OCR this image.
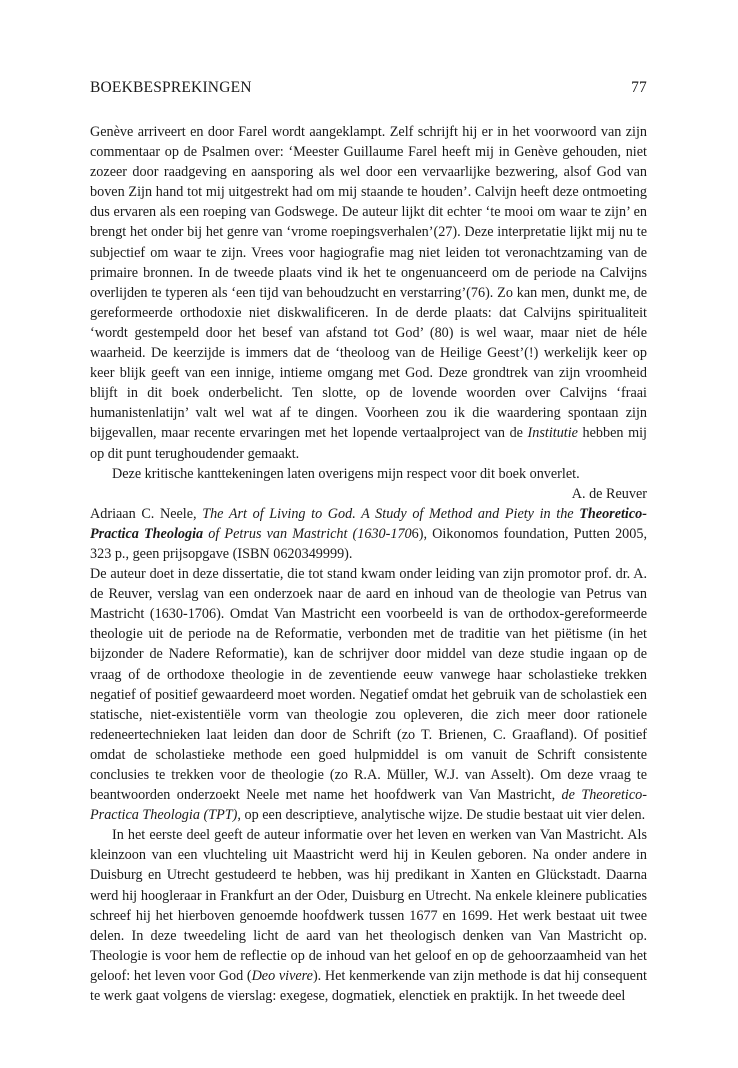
BOEKBESPREKINGEN	77

Genève arriveert en door Farel wordt aangeklampt. Zelf schrijft hij er in het voorwoord van zijn commentaar op de Psalmen over: ‘Meester Guillaume Farel heeft mij in Genève gehouden, niet zozeer door raadgeving en aansporing als wel door een vervaarlijke bezwering, alsof God van boven Zijn hand tot mij uitgestrekt had om mij staande te houden’. Calvijn heeft deze ontmoeting dus ervaren als een roeping van Godswege. De auteur lijkt dit echter ‘te mooi om waar te zijn’ en brengt het onder bij het genre van ‘vrome roepingsverhalen’(27). Deze interpretatie lijkt mij nu te subjectief om waar te zijn. Vrees voor hagiografie mag niet leiden tot veronachtzaming van de primaire bronnen. In de tweede plaats vind ik het te ongenuanceerd om de periode na Calvijns overlijden te typeren als ‘een tijd van behoudzucht en verstarring’(76). Zo kan men, dunkt me, de gereformeerde orthodoxie niet diskwalificeren. In de derde plaats: dat Calvijns spiritualiteit ‘wordt gestempeld door het besef van afstand tot God’ (80) is wel waar, maar niet de héle waarheid. De keerzijde is immers dat de ‘theoloog van de Heilige Geest’(!) werkelijk keer op keer blijk geeft van een innige, intieme omgang met God. Deze grondtrek van zijn vroomheid blijft in dit boek onderbelicht. Ten slotte, op de lovende woorden over Calvijns ‘fraai humanistenlatijn’ valt wel wat af te dingen. Voorheen zou ik die waardering spontaan zijn bijgevallen, maar recente ervaringen met het lopende vertaalproject van de Institutie hebben mij op dit punt terughoudender gemaakt.

Deze kritische kanttekeningen laten overigens mijn respect voor dit boek onverlet.

A. de Reuver

Adriaan C. Neele, The Art of Living to God. A Study of Method and Piety in the Theoretico-Practica Theologia of Petrus van Mastricht (1630-1706), Oikonomos foundation, Putten 2005, 323 p., geen prijsopgave (ISBN 0620349999).

De auteur doet in deze dissertatie, die tot stand kwam onder leiding van zijn promotor prof. dr. A. de Reuver, verslag van een onderzoek naar de aard en inhoud van de theologie van Petrus van Mastricht (1630-1706). Omdat Van Mastricht een voorbeeld is van de orthodox-gereformeerde theologie uit de periode na de Reformatie, verbonden met de traditie van het piëtisme (in het bijzonder de Nadere Reformatie), kan de schrijver door middel van deze studie ingaan op de vraag of de orthodoxe theologie in de zeventiende eeuw vanwege haar scholastieke trekken negatief of positief gewaardeerd moet worden. Negatief omdat het gebruik van de scholastiek een statische, niet-existentiële vorm van theologie zou opleveren, die zich meer door rationele redeneertechnieken laat leiden dan door de Schrift (zo T. Brienen, C. Graafland). Of positief omdat de scholastieke methode een goed hulpmiddel is om vanuit de Schrift consistente conclusies te trekken voor de theologie (zo R.A. Müller, W.J. van Asselt). Om deze vraag te beantwoorden onderzoekt Neele met name het hoofdwerk van Van Mastricht, de Theoretico-Practica Theologia (TPT), op een descriptieve, analytische wijze. De studie bestaat uit vier delen.

In het eerste deel geeft de auteur informatie over het leven en werken van Van Mastricht. Als kleinzoon van een vluchteling uit Maastricht werd hij in Keulen geboren. Na onder andere in Duisburg en Utrecht gestudeerd te hebben, was hij predikant in Xanten en Glückstadt. Daarna werd hij hoogleraar in Frankfurt an der Oder, Duisburg en Utrecht. Na enkele kleinere publicaties schreef hij het hierboven genoemde hoofdwerk tussen 1677 en 1699. Het werk bestaat uit twee delen. In deze tweedeling licht de aard van het theologisch denken van Van Mastricht op. Theologie is voor hem de reflectie op de inhoud van het geloof en op de gehoorzaamheid van het geloof: het leven voor God (Deo vivere). Het kenmerkende van zijn methode is dat hij consequent te werk gaat volgens de vierslag: exegese, dogmatiek, elenctiek en praktijk. In het tweede deel
